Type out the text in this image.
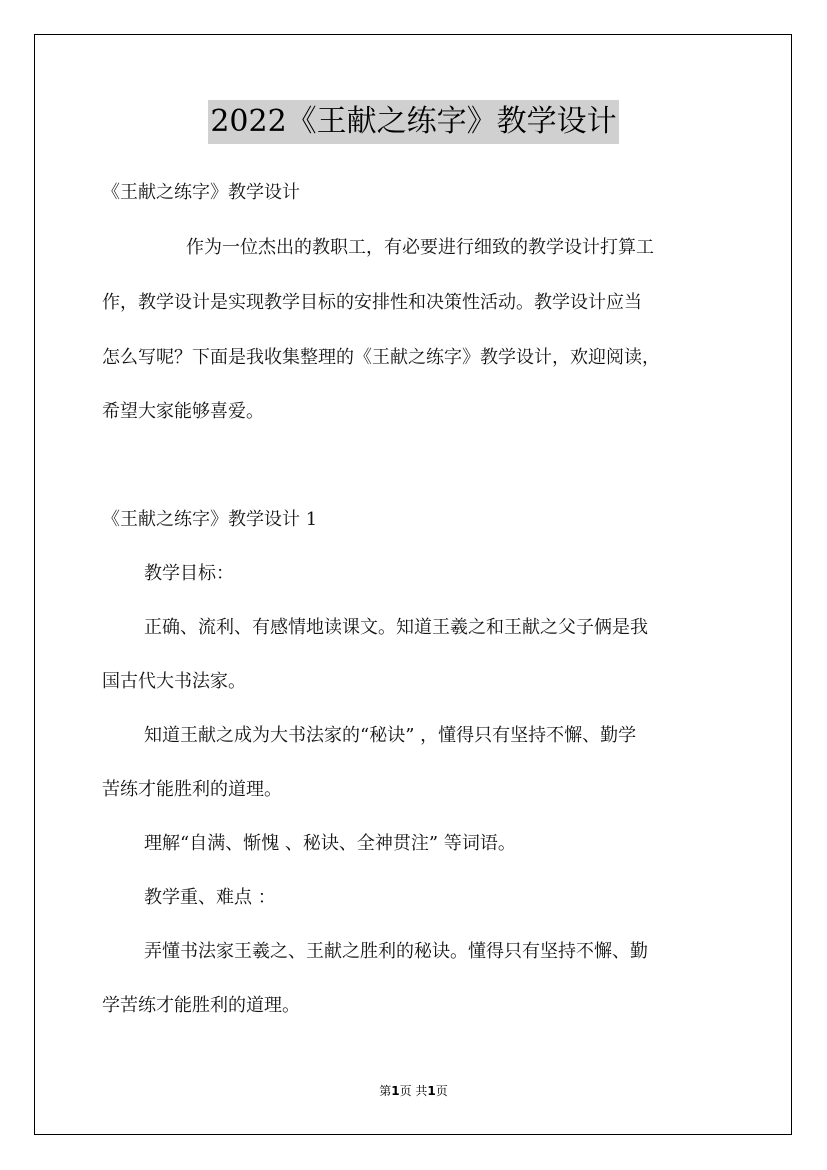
2022《王献之练字》教学设计
《王献之练字》教学设计
作为一位杰出的教职工，有必要进行细致的教学设计打算工
作，教学设计是实现教学目标的安排性和决策性活动。教学设计应当
怎么写呢？下面是我收集整理的《王献之练字》教学设计，欢迎阅读，
希望大家能够喜爱。
《王献之练字》教学设计 1
教学目标：
正确、流利、有感情地读课文。知道王羲之和王献之父子俩是我
国古代大书法家。
知道王献之成为大书法家的“秘诀” ，懂得只有坚持不懈、勤学
苦练才能胜利的道理。
理解“自满、惭愧 、秘诀、全神贯注” 等词语。
教学重、难点 ：
弄懂书法家王羲之、王献之胜利的秘诀。懂得只有坚持不懈、勤
学苦练才能胜利的道理。
第1页 共1页
